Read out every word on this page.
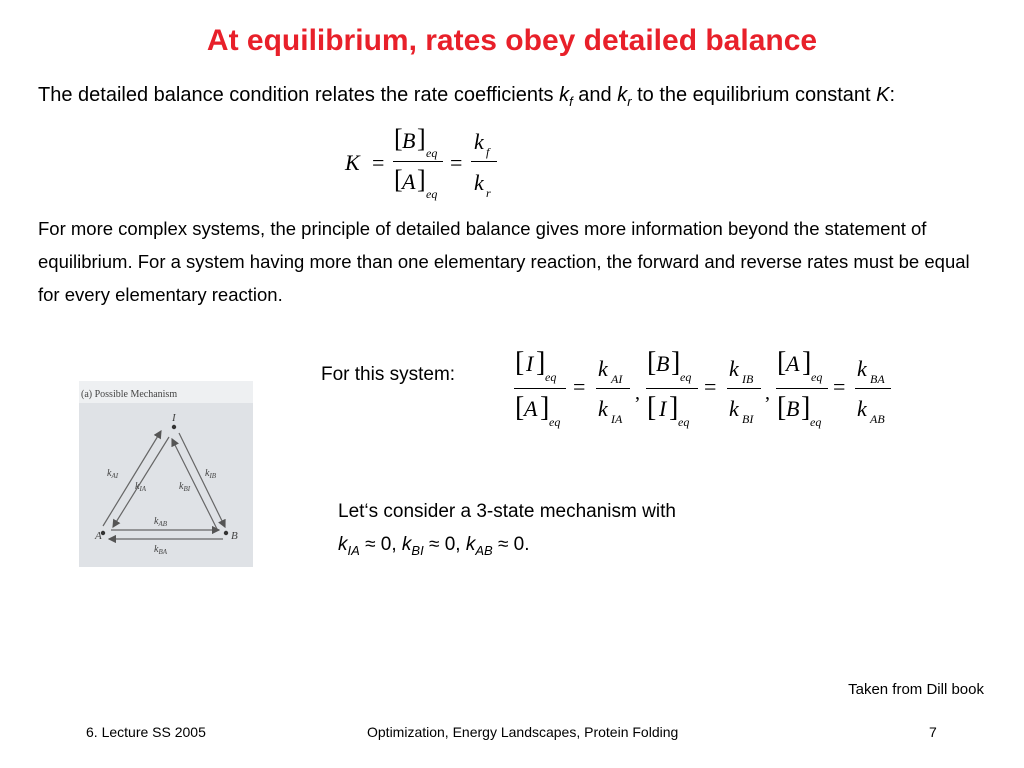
At equilibrium, rates obey detailed balance
The detailed balance condition relates the rate coefficients $k_f$ and $k_r$ to the equilibrium constant K:
K =
[ B ] eq
[ A ] eq
=
k f
k r
For more complex systems, the principle of detailed balance gives more information beyond the statement of equilibrium. For a system having more than one elementary reaction, the forward and reverse rates must be equal for every elementary reaction.
For this system: [ I ] eq
[ A ] eq
=
k AI
k IA
,
[ B ] eq
[ I ] eq
=
k IB
k BI
,
[ A ] eq
[ B ] eq
=
k BA
k AB
(a) Possible Mechanism
I
A	B
$k_{AI}$
$k_{IA}$
$k_{IB}$
$k_{BI}$
$k_{AB}$
$k_{BA}$
Let‘s consider a 3-state mechanism with
$k_{IA} \approx 0$, $k_{BI} \approx 0$, $k_{AB} \approx 0$.
Taken from Dill book
6. Lecture SS 2005	Optimization, Energy Landscapes, Protein Folding	7
